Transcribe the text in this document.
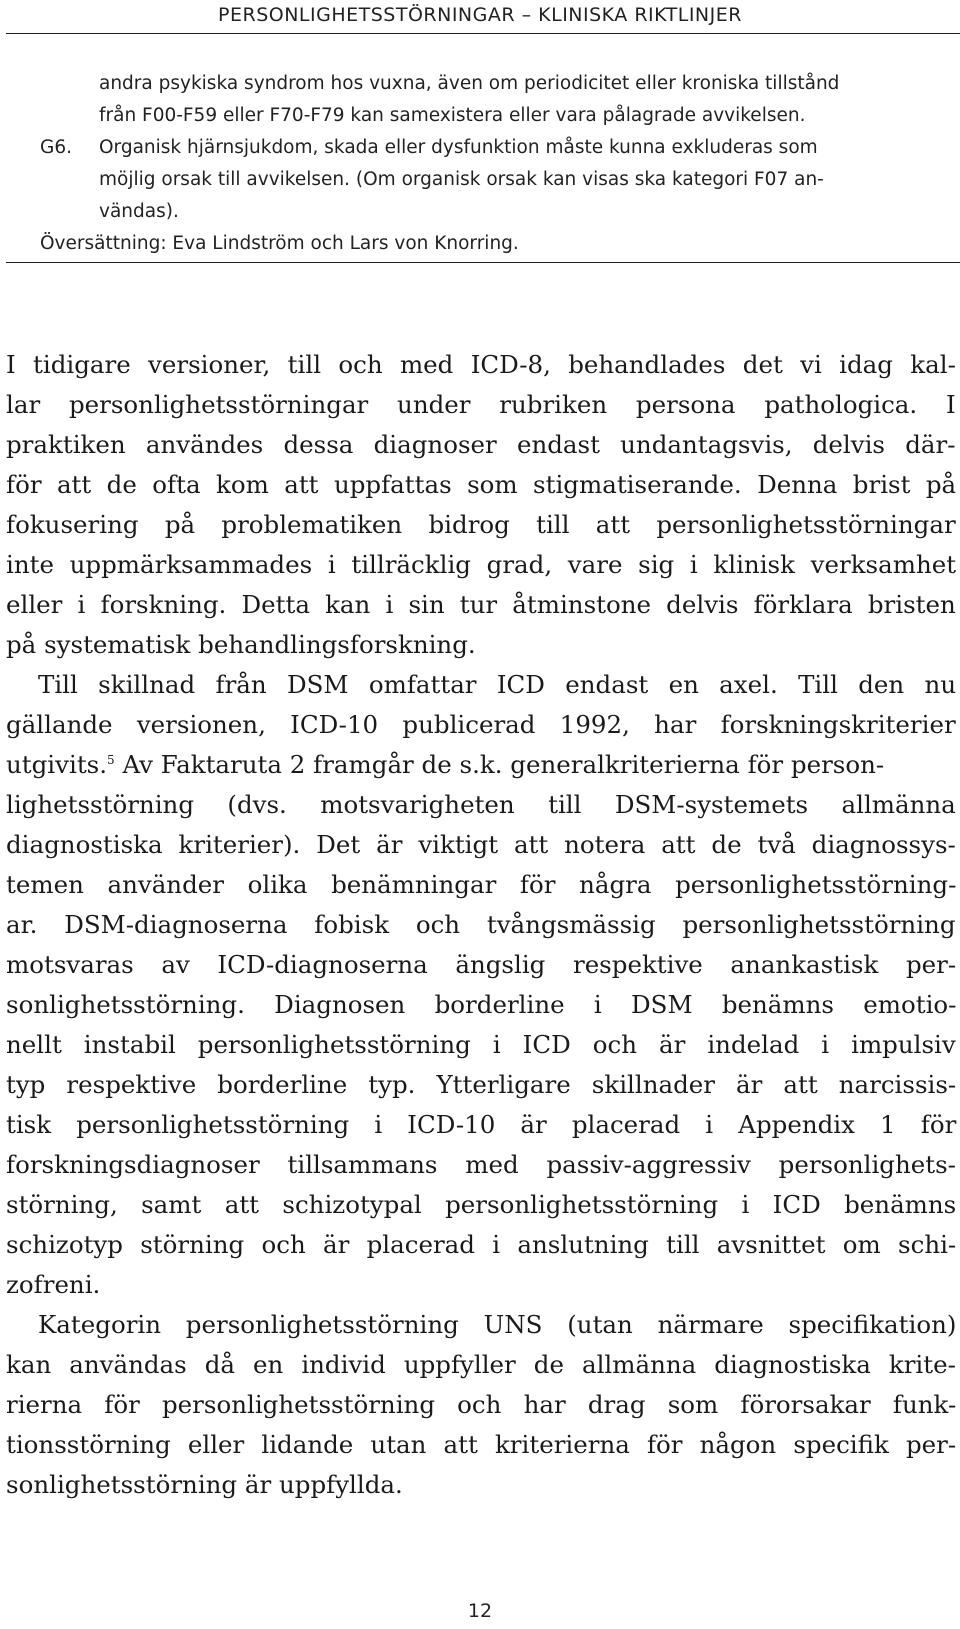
PERSONLIGHETSSTÖRNINGAR – KLINISKA RIKTLINJER
andra psykiska syndrom hos vuxna, även om periodicitet eller kroniska tillstånd
från F00-F59 eller F70-F79 kan samexistera eller vara pålagrade avvikelsen.
G6. Organisk hjärnsjukdom, skada eller dysfunktion måste kunna exkluderas som
möjlig orsak till avvikelsen. (Om organisk orsak kan visas ska kategori F07 an-
vändas).
Översättning: Eva Lindström och Lars von Knorring.
I tidigare versioner, till och med ICD-8, behandlades det vi idag kal-
lar personlighetsstörningar under rubriken persona pathologica. I
praktiken användes dessa diagnoser endast undantagsvis, delvis där-
för att de ofta kom att uppfattas som stigmatiserande. Denna brist på
fokusering på problematiken bidrog till att personlighetsstörningar
inte uppmärksammades i tillräcklig grad, vare sig i klinisk verksamhet
eller i forskning. Detta kan i sin tur åtminstone delvis förklara bristen
på systematisk behandlingsforskning.
Till skillnad från DSM omfattar ICD endast en axel. Till den nu
gällande versionen, ICD-10 publicerad 1992, har forskningskriterier
utgivits.$^5$ Av Faktaruta 2 framgår de s.k. generalkriterierna för person-
lighetsstörning (dvs. motsvarigheten till DSM-systemets allmänna
diagnostiska kriterier). Det är viktigt att notera att de två diagnossys-
temen använder olika benämningar för några personlighetsstörning-
ar. DSM-diagnoserna fobisk och tvångsmässig personlighetsstörning
motsvaras av ICD-diagnoserna ängslig respektive anankastisk per-
sonlighetsstörning. Diagnosen borderline i DSM benämns emotio-
nellt instabil personlighetsstörning i ICD och är indelad i impulsiv
typ respektive borderline typ. Ytterligare skillnader är att narcissis-
tisk personlighetsstörning i ICD-10 är placerad i Appendix 1 för
forskningsdiagnoser tillsammans med passiv-aggressiv personlighets-
störning, samt att schizotypal personlighetsstörning i ICD benämns
schizotyp störning och är placerad i anslutning till avsnittet om schi-
zofreni.
Kategorin personlighetsstörning UNS (utan närmare specifikation)
kan användas då en individ uppfyller de allmänna diagnostiska krite-
rierna för personlighetsstörning och har drag som förorsakar funk-
tionsstörning eller lidande utan att kriterierna för någon specifik per-
sonlighetsstörning är uppfyllda.
12
